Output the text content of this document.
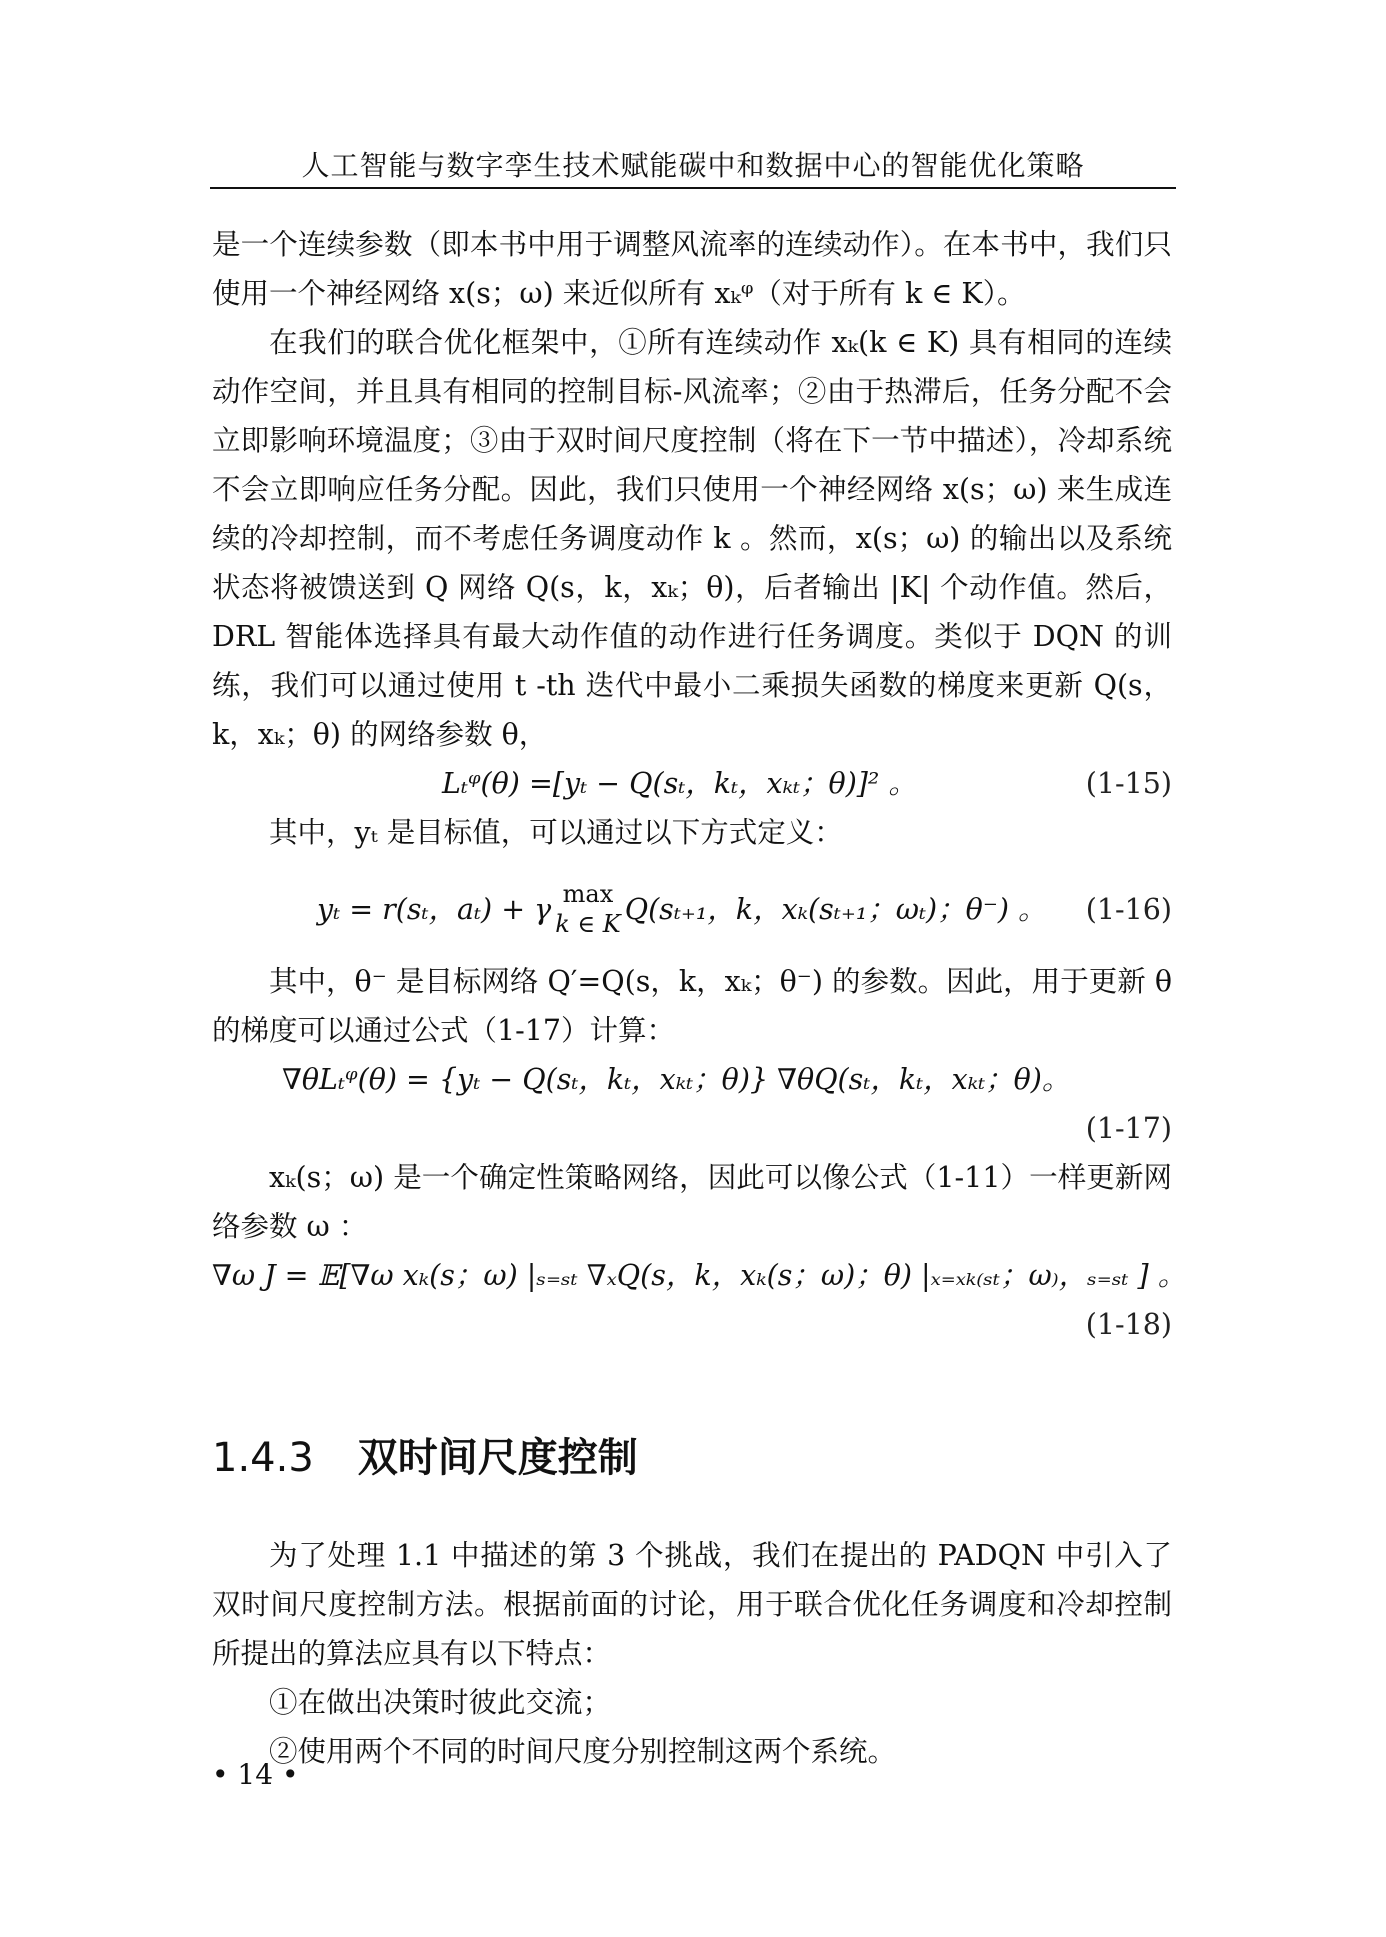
人工智能与数字孪生技术赋能碳中和数据中心的智能优化策略

是一个连续参数（即本书中用于调整风流率的连续动作）。在本书中，我们只使用一个神经网络 x(s；ω) 来近似所有 xₖᵠ（对于所有 k ∈ K）。

在我们的联合优化框架中，①所有连续动作 xₖ(k ∈ K) 具有相同的连续动作空间，并且具有相同的控制目标-风流率；②由于热滞后，任务分配不会立即影响环境温度；③由于双时间尺度控制（将在下一节中描述），冷却系统不会立即响应任务分配。因此，我们只使用一个神经网络 x(s；ω) 来生成连续的冷却控制，而不考虑任务调度动作 k 。然而，x(s；ω) 的输出以及系统状态将被馈送到 Q 网络 Q(s，k，xₖ；θ)，后者输出 |K| 个动作值。然后，DRL 智能体选择具有最大动作值的动作进行任务调度。类似于 DQN 的训练，我们可以通过使用 t -th 迭代中最小二乘损失函数的梯度来更新 Q(s，k，xₖ；θ) 的网络参数 θ，

Lₜᵠ(θ) =[yₜ − Q(sₜ，kₜ，xₖₜ；θ)]² 。	(1-15)

其中，yₜ 是目标值，可以通过以下方式定义：

yₜ = r(sₜ，aₜ) + γ max
k ∈ K Q(sₜ₊₁，k，xₖ(sₜ₊₁；ωₜ)；θ⁻) 。 (1-16)

其中，θ⁻ 是目标网络 Q′=Q(s，k，xₖ；θ⁻) 的参数。因此，用于更新 θ 的梯度可以通过公式（1-17）计算：

∇θLₜᵠ(θ) = {yₜ − Q(sₜ，kₜ，xₖₜ；θ)} ∇θQ(sₜ，kₜ，xₖₜ；θ)。
(1-17)

xₖ(s；ω) 是一个确定性策略网络，因此可以像公式（1-11）一样更新网络参数 ω ：

∇ω J = 𝔼[∇ω xₖ(s；ω) |ₛ₌ₛₜ ∇ₓQ(s，k，xₖ(s；ω)；θ) |ₓ₌ₓₖ₍ₛₜ；ω₎，ₛ₌ₛₜ ] 。
(1-18)
1.4.3 双时间尺度控制

为了处理 1.1 中描述的第 3 个挑战，我们在提出的 PADQN 中引入了双时间尺度控制方法。根据前面的讨论，用于联合优化任务调度和冷却控制所提出的算法应具有以下特点：

①在做出决策时彼此交流；

②使用两个不同的时间尺度分别控制这两个系统。

• 14 •
